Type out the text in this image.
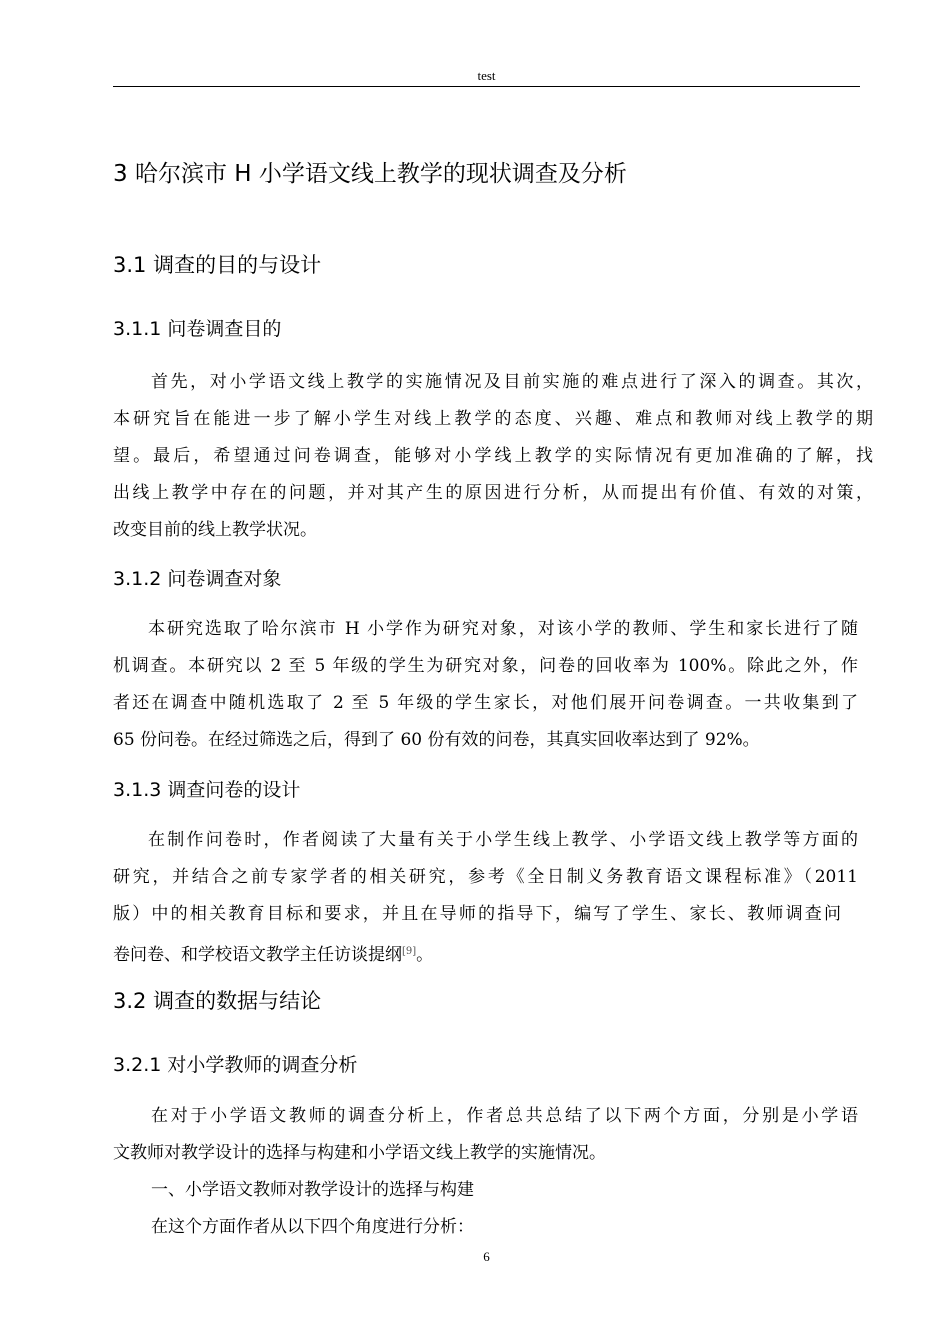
test
3 哈尔滨市 H 小学语文线上教学的现状调查及分析
3.1 调查的目的与设计
3.1.1 问卷调查目的
首先，对小学语文线上教学的实施情况及目前实施的难点进行了深入的调查。其次，
本研究旨在能进一步了解小学生对线上教学的态度、兴趣、难点和教师对线上教学的期
望。最后，希望通过问卷调查，能够对小学线上教学的实际情况有更加准确的了解，找
出线上教学中存在的问题，并对其产生的原因进行分析，从而提出有价值、有效的对策，
改变目前的线上教学状况。
3.1.2 问卷调查对象
本研究选取了哈尔滨市 H 小学作为研究对象，对该小学的教师、学生和家长进行了随
机调查。本研究以 2 至 5 年级的学生为研究对象，问卷的回收率为 100%。除此之外，作
者还在调查中随机选取了 2 至 5 年级的学生家长，对他们展开问卷调查。一共收集到了
65 份问卷。在经过筛选之后，得到了 60 份有效的问卷，其真实回收率达到了 92%。
3.1.3 调查问卷的设计
在制作问卷时，作者阅读了大量有关于小学生线上教学、小学语文线上教学等方面的
研究，并结合之前专家学者的相关研究，参考《全日制义务教育语文课程标准》（2011
版）中的相关教育目标和要求，并且在导师的指导下，编写了学生、家长、教师调查问
卷问卷、和学校语文教学主任访谈提纲[9]。
3.2 调查的数据与结论
3.2.1 对小学教师的调查分析
在对于小学语文教师的调查分析上，作者总共总结了以下两个方面，分别是小学语
文教师对教学设计的选择与构建和小学语文线上教学的实施情况。
一、小学语文教师对教学设计的选择与构建
在这个方面作者从以下四个角度进行分析：
6
